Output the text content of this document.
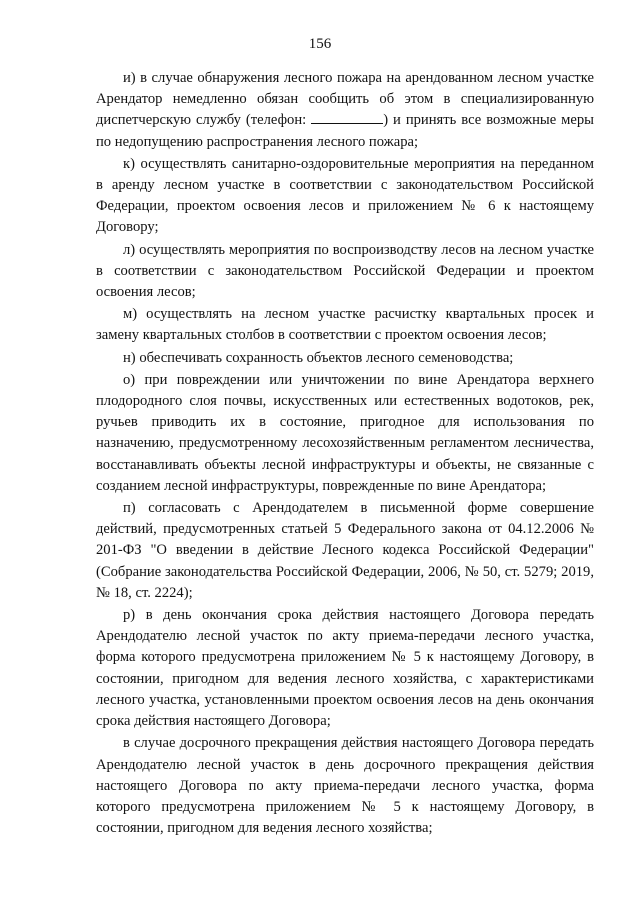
156

и) в случае обнаружения лесного пожара на арендованном лесном участке Арендатор немедленно обязан сообщить об этом в специализированную диспетчерскую службу (телефон:	) и принять все возможные меры по недопущению распространения лесного пожара;

к) осуществлять санитарно-оздоровительные мероприятия на переданном в аренду лесном участке в соответствии с законодательством Российской Федерации, проектом освоения лесов и приложением № 6 к настоящему Договору;

л) осуществлять мероприятия по воспроизводству лесов на лесном участке в соответствии с законодательством Российской Федерации и проектом освоения лесов;

м) осуществлять на лесном участке расчистку квартальных просек и замену квартальных столбов в соответствии с проектом освоения лесов;

н) обеспечивать сохранность объектов лесного семеноводства;

о) при повреждении или уничтожении по вине Арендатора верхнего плодородного слоя почвы, искусственных или естественных водотоков, рек, ручьев приводить их в состояние, пригодное для использования по назначению, предусмотренному лесохозяйственным регламентом лесничества, восстанавливать объекты лесной инфраструктуры и объекты, не связанные с созданием лесной инфраструктуры, поврежденные по вине Арендатора;

п) согласовать с Арендодателем в письменной форме совершение действий, предусмотренных статьей 5 Федерального закона от 04.12.2006 № 201-ФЗ "О введении в действие Лесного кодекса Российской Федерации" (Собрание законодательства Российской Федерации, 2006, № 50, ст. 5279; 2019, № 18, ст. 2224);

р) в день окончания срока действия настоящего Договора передать Арендодателю лесной участок по акту приема-передачи лесного участка, форма которого предусмотрена приложением № 5 к настоящему Договору, в состоянии, пригодном для ведения лесного хозяйства, с характеристиками лесного участка, установленными проектом освоения лесов на день окончания срока действия настоящего Договора;

в случае досрочного прекращения действия настоящего Договора передать Арендодателю лесной участок в день досрочного прекращения действия настоящего Договора по акту приема-передачи лесного участка, форма которого предусмотрена приложением № 5 к настоящему Договору, в состоянии, пригодном для ведения лесного хозяйства;
